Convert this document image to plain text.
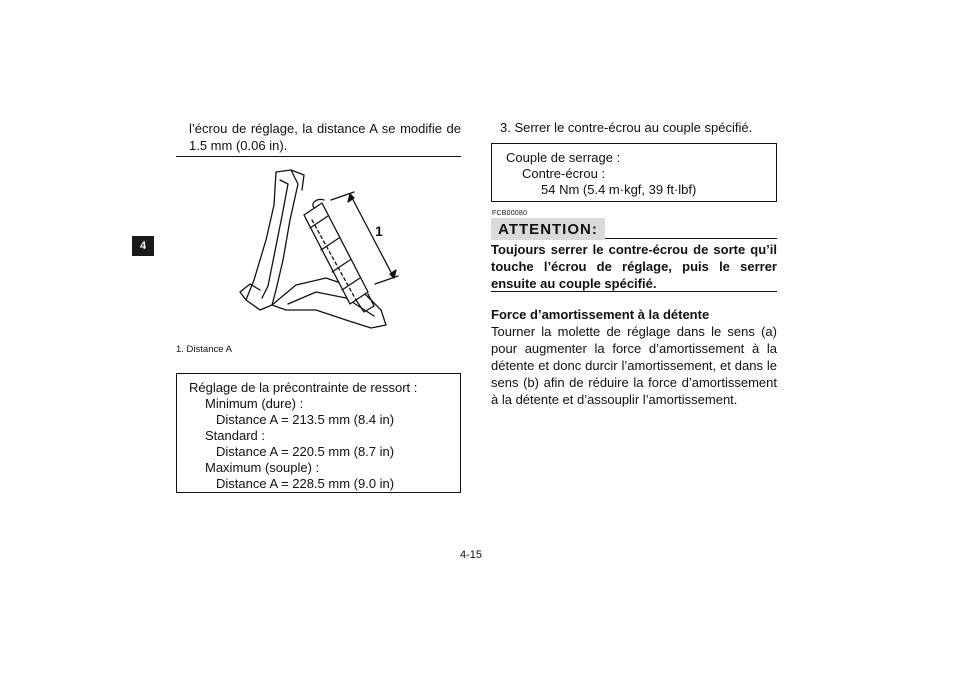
4
l’écrou de réglage, la distance A se modifie de 1.5 mm (0.06 in).
1
1. Distance A
Réglage de la précontrainte de ressort :
Minimum (dure) :
Distance A = 213.5 mm (8.4 in)
Standard :
Distance A = 220.5 mm (8.7 in)
Maximum (souple) :
Distance A = 228.5 mm (9.0 in)
3. Serrer le contre-écrou au couple spécifié.
Couple de serrage :
Contre-écrou :
54 Nm (5.4 m·kgf, 39 ft·lbf)
FCB00080
ATTENTION:
Toujours serrer le contre-écrou de sorte qu’il touche l’écrou de réglage, puis le serrer ensuite au couple spécifié.
Force d’amortissement à la détente
Tourner la molette de réglage dans le sens (a) pour augmenter la force d’amortissement à la détente et donc durcir l’amortissement, et dans le sens (b) afin de réduire la force d’amortissement à la détente et d’assouplir l’amortissement.
4-15
